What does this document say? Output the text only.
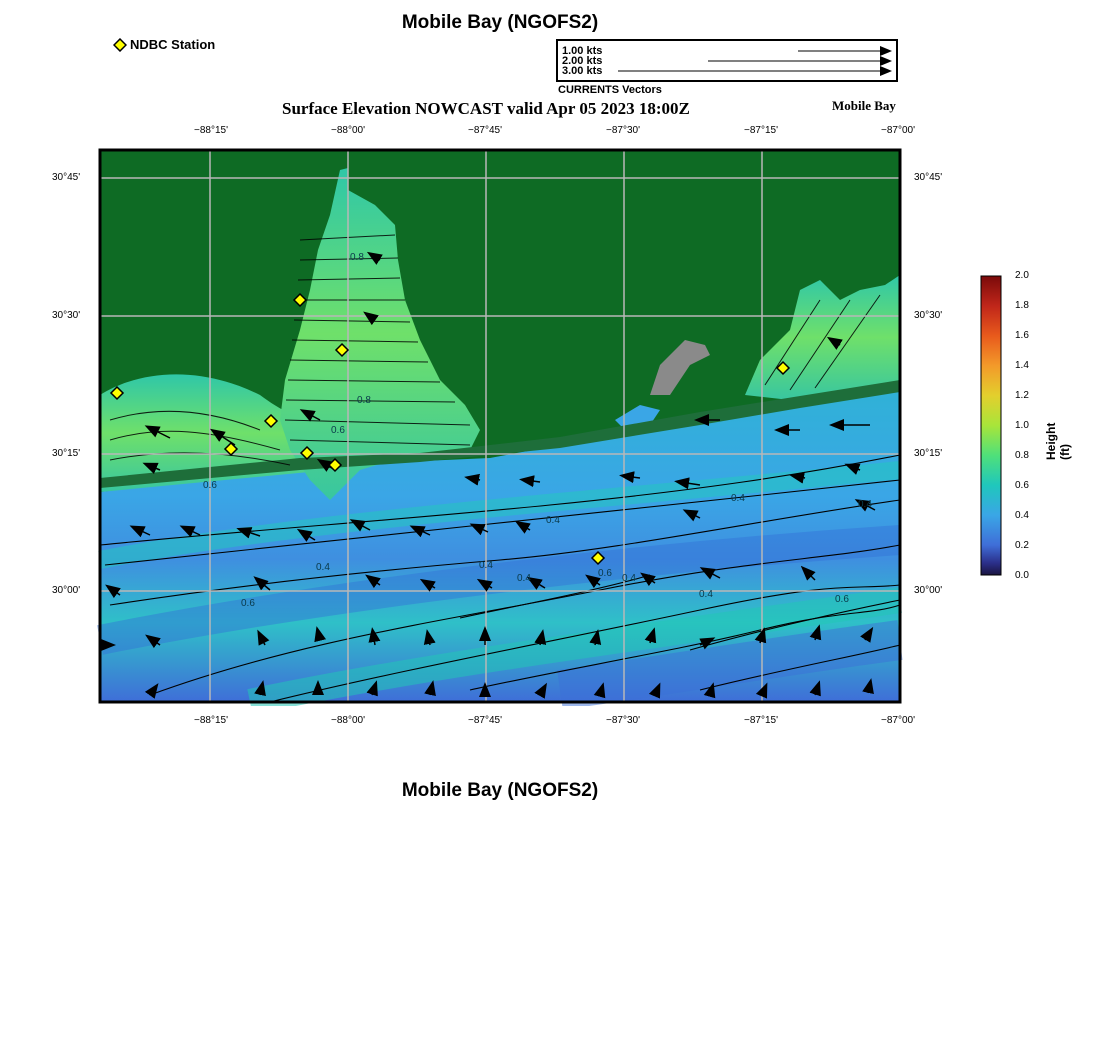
Mobile Bay (NGOFS2)
NDBC Station	1.00 kts
2.00 kts
3.00 kts
CURRENTS Vectors
Surface Elevation NOWCAST valid Apr 05 2023 18:00Z	Mobile Bay
−88°15'	−88°00'	−87°45'	−87°30'	−87°15'	−87°00'
−88°15'	−88°00'	−87°45'	−87°30'	−87°15'	−87°00'
30°45'
30°30'
30°15'
30°00'
30°45'
30°30'
30°15'
30°00'
0.8
0.8
0.6
0.6
0.4	0.4
0.4
0.4
0.4
0.4
0.6 0.4
0.6
0.6
0.4
2.0
1.8
1.6
1.4
1.2
1.0
0.8
0.6
0.4
0.2
0.0
Height (ft)
Mobile Bay (NGOFS2)
